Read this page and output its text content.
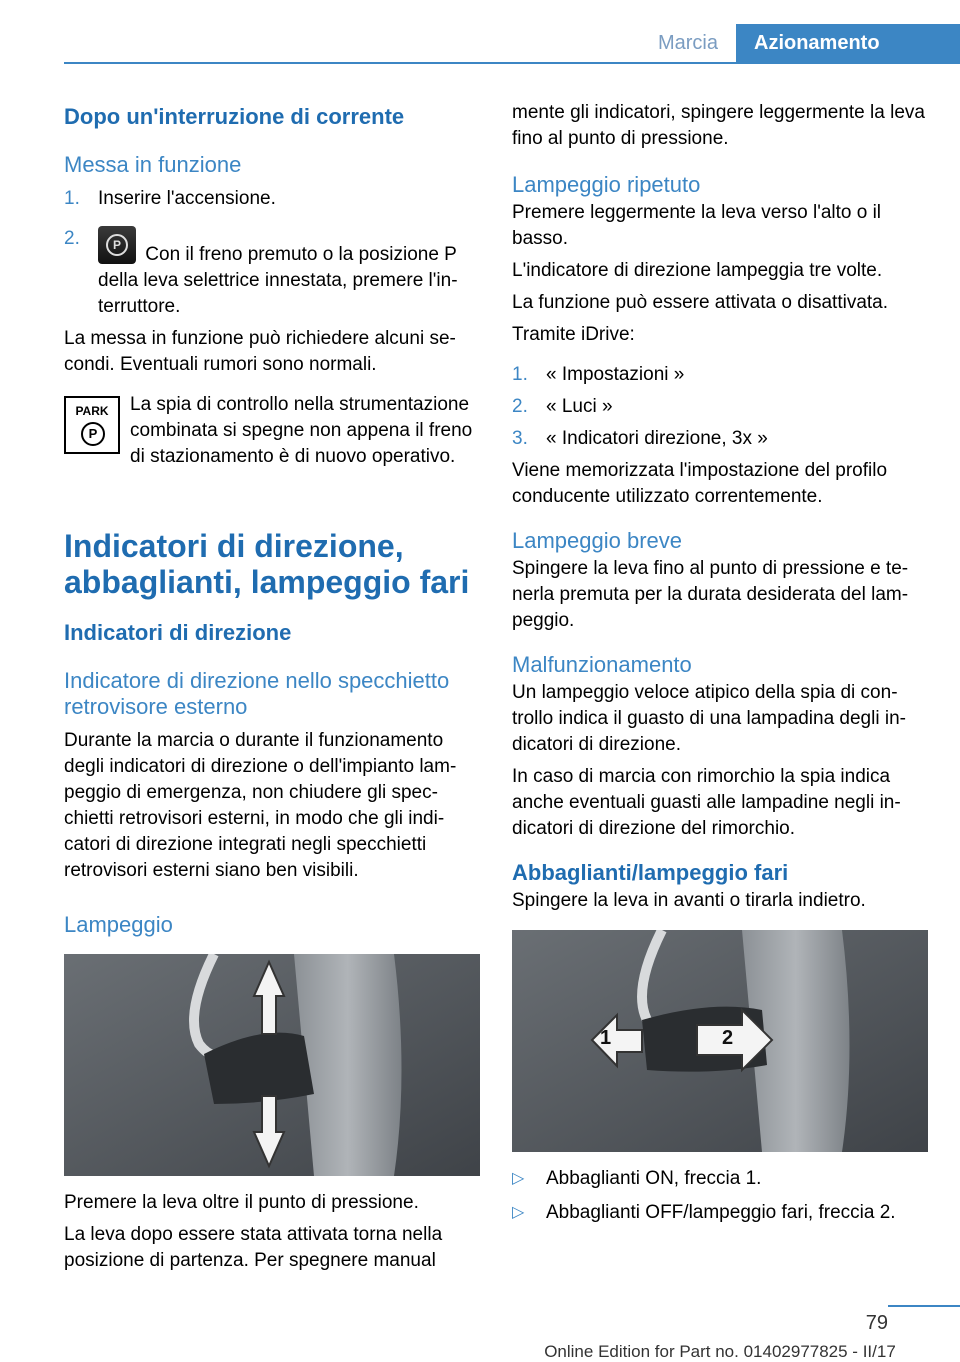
Marcia	Azionamento
Dopo un'interruzione di corrente
Messa in funzione
1. Inserire l'accensione.
2.	P	Con il freno premuto o la posizione P della leva selettrice innestata, premere l'interruttore.

La messa in funzione può richiedere alcuni secondi. Eventuali rumori sono normali.

PARK
P

La spia di controllo nella strumentazione combinata si spegne non appena il freno di stazionamento è di nuovo operativo.

Indicatori di direzione, abbaglianti, lampeggio fari
Indicatori di direzione
Indicatore di direzione nello specchietto retrovisore esterno

Durante la marcia o durante il funzionamento degli indicatori di direzione o dell'impianto lampeggio di emergenza, non chiudere gli specchietti retrovisori esterni, in modo che gli indicatori di direzione integrati negli specchietti retrovisori esterni siano ben visibili.

Lampeggio

Premere la leva oltre il punto di pressione.

La leva dopo essere stata attivata torna nella posizione di partenza. Per spegnere manual

mente gli indicatori, spingere leggermente la leva fino al punto di pressione.

Lampeggio ripetuto

Premere leggermente la leva verso l'alto o il basso.

L'indicatore di direzione lampeggia tre volte.

La funzione può essere attivata o disattivata.

Tramite iDrive:

1. « Impostazioni »
2. « Luci »
3. « Indicatori direzione, 3x »

Viene memorizzata l'impostazione del profilo conducente utilizzato correntemente.

Lampeggio breve

Spingere la leva fino al punto di pressione e tenerla premuta per la durata desiderata del lampeggio.

Malfunzionamento

Un lampeggio veloce atipico della spia di controllo indica il guasto di una lampadina degli indicatori di direzione.

In caso di marcia con rimorchio la spia indica anche eventuali guasti alle lampadine negli indicatori di direzione del rimorchio.

Abbaglianti/lampeggio fari

Spingere la leva in avanti o tirarla indietro.

1	2
▷ Abbaglianti ON, freccia 1.
▷ Abbaglianti OFF/lampeggio fari, freccia 2.
79
Online Edition for Part no. 01402977825 - II/17
